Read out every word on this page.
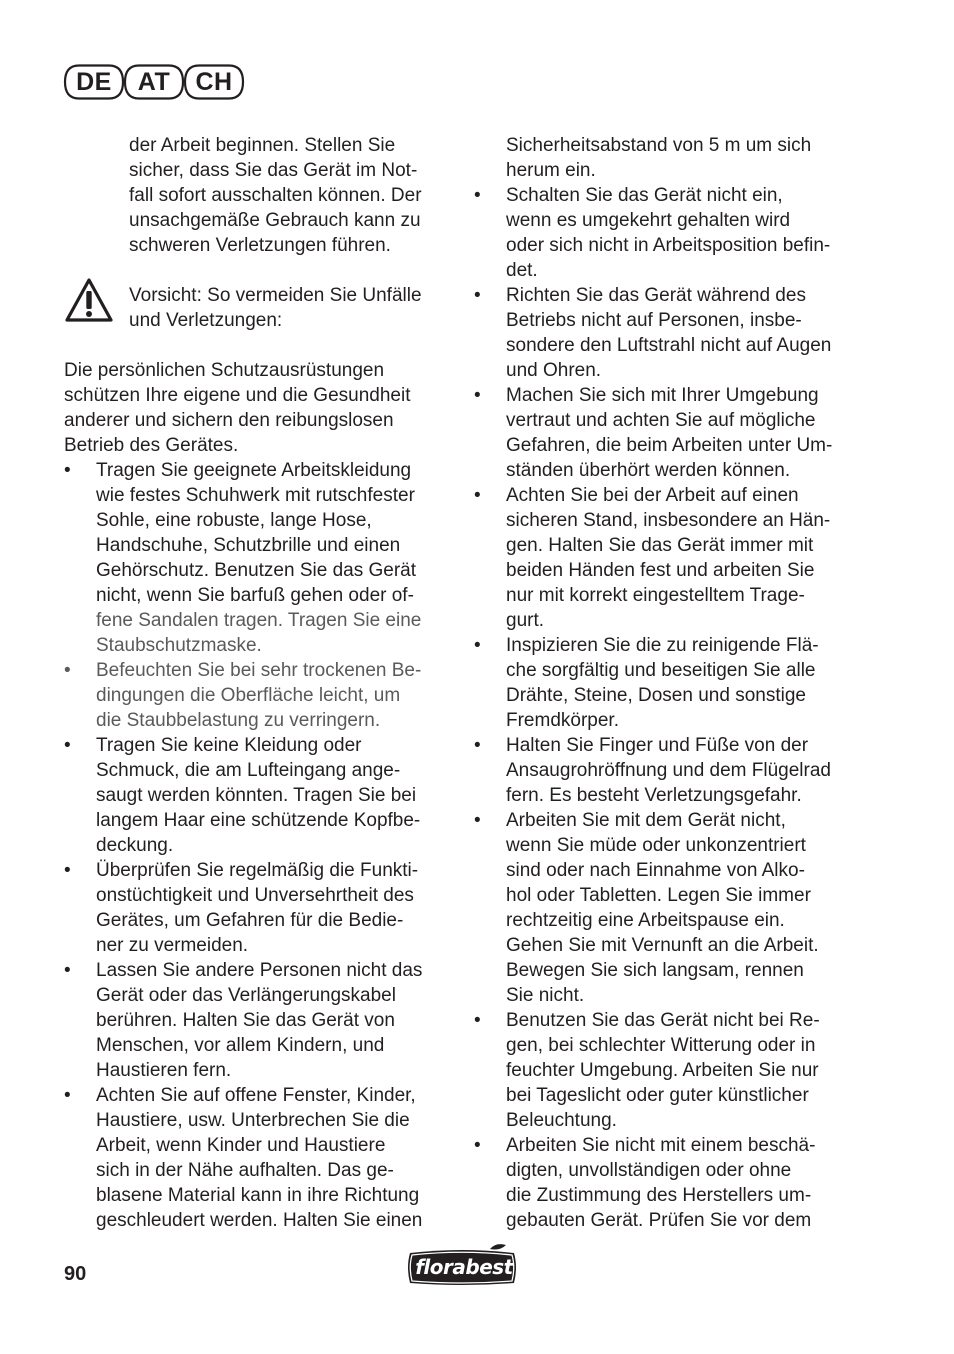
DE	AT	CH
der Arbeit beginnen. Stellen Sie
sicher, dass Sie das Gerät im Not-
fall sofort ausschalten können. Der
unsachgemäße Gebrauch kann zu
schweren Verletzungen führen.
Vorsicht: So vermeiden Sie Unfälle
und Verletzungen:
Die persönlichen Schutzausrüstungen
schützen Ihre eigene und die Gesundheit
anderer und sichern den reibungslosen
Betrieb des Gerätes.
• Tragen Sie geeignete Arbeitskleidung
wie festes Schuhwerk mit rutschfester
Sohle, eine robuste, lange Hose,
Handschuhe, Schutzbrille und einen
Gehörschutz. Benutzen Sie das Gerät
nicht, wenn Sie barfuß gehen oder of-
fene Sandalen tragen. Tragen Sie eine
Staubschutzmaske.
• Befeuchten Sie bei sehr trockenen Be-
dingungen die Oberfläche leicht, um
die Staubbelastung zu verringern.
• Tragen Sie keine Kleidung oder
Schmuck, die am Lufteingang ange-
saugt werden könnten. Tragen Sie bei
langem Haar eine schützende Kopfbe-
deckung.
• Überprüfen Sie regelmäßig die Funkti-
onstüchtigkeit und Unversehrtheit des
Gerätes, um Gefahren für die Bedie-
ner zu vermeiden.
• Lassen Sie andere Personen nicht das
Gerät oder das Verlängerungskabel
berühren. Halten Sie das Gerät von
Menschen, vor allem Kindern, und
Haustieren fern.
• Achten Sie auf offene Fenster, Kinder,
Haustiere, usw. Unterbrechen Sie die
Arbeit, wenn Kinder und Haustiere
sich in der Nähe aufhalten. Das ge-
blasene Material kann in ihre Richtung
geschleudert werden. Halten Sie einen
Sicherheitsabstand von 5 m um sich
herum ein.
• Schalten Sie das Gerät nicht ein,
wenn es umgekehrt gehalten wird
oder sich nicht in Arbeitsposition befin-
det.
• Richten Sie das Gerät während des
Betriebs nicht auf Personen, insbe-
sondere den Luftstrahl nicht auf Augen
und Ohren.
• Machen Sie sich mit Ihrer Umgebung
vertraut und achten Sie auf mögliche
Gefahren, die beim Arbeiten unter Um-
ständen überhört werden können.
• Achten Sie bei der Arbeit auf einen
sicheren Stand, insbesondere an Hän-
gen. Halten Sie das Gerät immer mit
beiden Händen fest und arbeiten Sie
nur mit korrekt eingestelltem Trage-
gurt.
• Inspizieren Sie die zu reinigende Flä-
che sorgfältig und beseitigen Sie alle
Drähte, Steine, Dosen und sonstige
Fremdkörper.
• Halten Sie Finger und Füße von der
Ansaugrohröffnung und dem Flügelrad
fern. Es besteht Verletzungsgefahr.
• Arbeiten Sie mit dem Gerät nicht,
wenn Sie müde oder unkonzentriert
sind oder nach Einnahme von Alko-
hol oder Tabletten. Legen Sie immer
rechtzeitig eine Arbeitspause ein.
Gehen Sie mit Vernunft an die Arbeit.
Bewegen Sie sich langsam, rennen
Sie nicht.
• Benutzen Sie das Gerät nicht bei Re-
gen, bei schlechter Witterung oder in
feuchter Umgebung. Arbeiten Sie nur
bei Tageslicht oder guter künstlicher
Beleuchtung.
• Arbeiten Sie nicht mit einem beschä-
digten, unvollständigen oder ohne
die Zustimmung des Herstellers um-
gebauten Gerät. Prüfen Sie vor dem
90	florabest
